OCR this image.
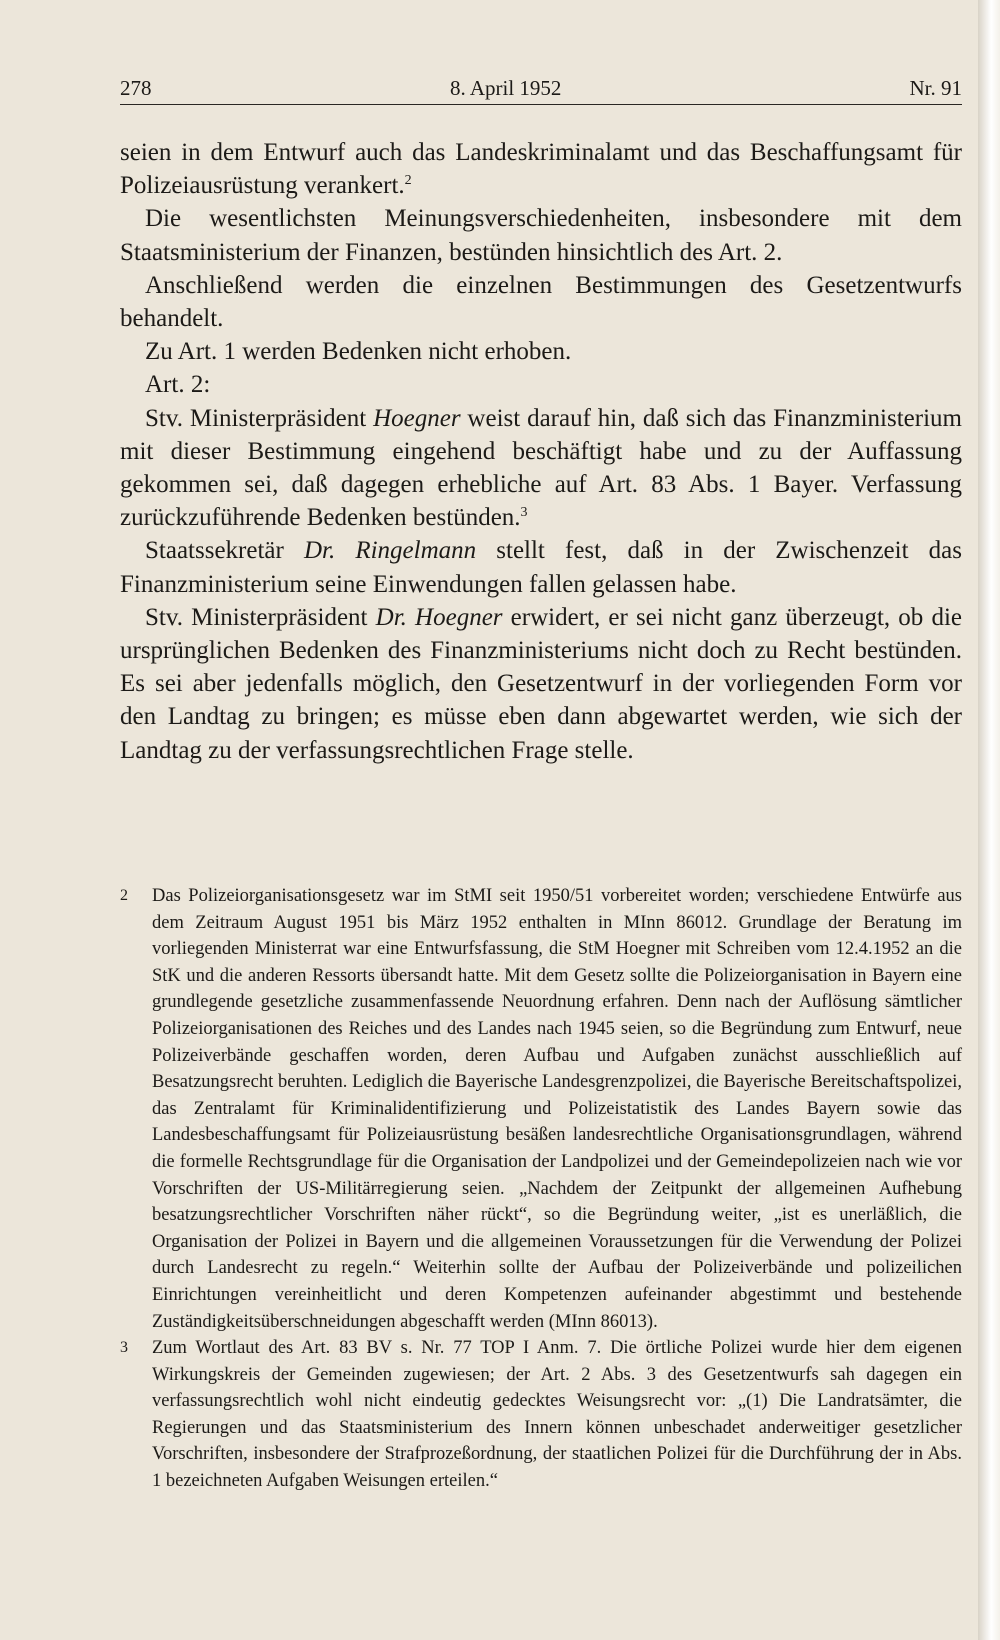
278	8. April 1952	Nr. 91

seien in dem Entwurf auch das Landeskriminalamt und das Beschaffungsamt für Polizeiausrüstung verankert.$^2$

Die wesentlichsten Meinungsverschiedenheiten, insbesondere mit dem Staatsministerium der Finanzen, bestünden hinsichtlich des Art. 2.

Anschließend werden die einzelnen Bestimmungen des Gesetzentwurfs behandelt.

Zu Art. 1 werden Bedenken nicht erhoben.

Art. 2:

Stv. Ministerpräsident Hoegner weist darauf hin, daß sich das Finanzministerium mit dieser Bestimmung eingehend beschäftigt habe und zu der Auffassung gekommen sei, daß dagegen erhebliche auf Art. 83 Abs. 1 Bayer. Verfassung zurückzuführende Bedenken bestünden.$^3$

Staatssekretär Dr. Ringelmann stellt fest, daß in der Zwischenzeit das Finanzministerium seine Einwendungen fallen gelassen habe.

Stv. Ministerpräsident Dr. Hoegner erwidert, er sei nicht ganz überzeugt, ob die ursprünglichen Bedenken des Finanzministeriums nicht doch zu Recht bestünden. Es sei aber jedenfalls möglich, den Gesetzentwurf in der vorliegenden Form vor den Landtag zu bringen; es müsse eben dann abgewartet werden, wie sich der Landtag zu der verfassungsrechtlichen Frage stelle.

2 Das Polizeiorganisationsgesetz war im StMI seit 1950/51 vorbereitet worden; verschiedene Entwürfe aus dem Zeitraum August 1951 bis März 1952 enthalten in MInn 86012. Grundlage der Beratung im vorliegenden Ministerrat war eine Entwurfsfassung, die StM Hoegner mit Schreiben vom 12.4.1952 an die StK und die anderen Ressorts übersandt hatte. Mit dem Gesetz sollte die Polizeiorganisation in Bayern eine grundlegende gesetzliche zusammenfassende Neuordnung erfahren. Denn nach der Auflösung sämtlicher Polizeiorganisationen des Reiches und des Landes nach 1945 seien, so die Begründung zum Entwurf, neue Polizeiverbände geschaffen worden, deren Aufbau und Aufgaben zunächst ausschließlich auf Besatzungsrecht beruhten. Lediglich die Bayerische Landesgrenzpolizei, die Bayerische Bereitschaftspolizei, das Zentralamt für Kriminalidentifizierung und Polizeistatistik des Landes Bayern sowie das Landesbeschaffungsamt für Polizeiausrüstung besäßen landesrechtliche Organisationsgrundlagen, während die formelle Rechtsgrundlage für die Organisation der Landpolizei und der Gemeindepolizeien nach wie vor Vorschriften der US-Militärregierung seien. „Nachdem der Zeitpunkt der allgemeinen Aufhebung besatzungsrechtlicher Vorschriften näher rückt“, so die Begründung weiter, „ist es unerläßlich, die Organisation der Polizei in Bayern und die allgemeinen Voraussetzungen für die Verwendung der Polizei durch Landesrecht zu regeln.“ Weiterhin sollte der Aufbau der Polizeiverbände und polizeilichen Einrichtungen vereinheitlicht und deren Kompetenzen aufeinander abgestimmt und bestehende Zuständigkeitsüberschneidungen abgeschafft werden (MInn 86013).

3 Zum Wortlaut des Art. 83 BV s. Nr. 77 TOP I Anm. 7. Die örtliche Polizei wurde hier dem eigenen Wirkungskreis der Gemeinden zugewiesen; der Art. 2 Abs. 3 des Gesetzentwurfs sah dagegen ein verfassungsrechtlich wohl nicht eindeutig gedecktes Weisungsrecht vor: „(1) Die Landratsämter, die Regierungen und das Staatsministerium des Innern können unbeschadet anderweitiger gesetzlicher Vorschriften, insbesondere der Strafprozeßordnung, der staatlichen Polizei für die Durchführung der in Abs. 1 bezeichneten Aufgaben Weisungen erteilen.“
